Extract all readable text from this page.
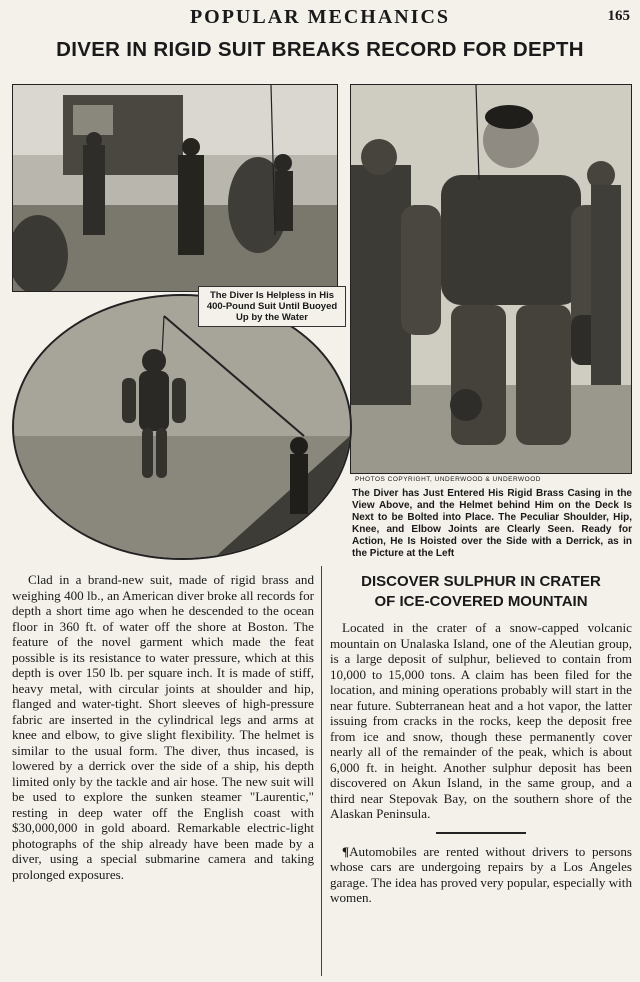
POPULAR MECHANICS	165
DIVER IN RIGID SUIT BREAKS RECORD FOR DEPTH
The Diver Is Helpless in His 400-Pound Suit Until Buoyed Up by the Water
PHOTOS COPYRIGHT, UNDERWOOD & UNDERWOOD
The Diver has Just Entered His Rigid Brass Casing in the View Above, and the Helmet behind Him on the Deck Is Next to be Bolted into Place. The Peculiar Shoulder, Hip, Knee, and Elbow Joints are Clearly Seen. Ready for Action, He Is Hoisted over the Side with a Derrick, as in the Picture at the Left

Clad in a brand-new suit, made of rigid brass and weighing 400 lb., an American diver broke all records for depth a short time ago when he descended to the ocean floor in 360 ft. of water off the shore at Boston. The feature of the novel garment which made the feat possible is its resistance to water pressure, which at this depth is over 150 lb. per square inch. It is made of stiff, heavy metal, with circular joints at shoulder and hip, flanged and water-tight. Short sleeves of high-pressure fabric are inserted in the cylindrical legs and arms at knee and elbow, to give slight flexibility. The helmet is similar to the usual form. The diver, thus incased, is lowered by a derrick over the side of a ship, his depth limited only by the tackle and air hose. The new suit will be used to explore the sunken steamer "Laurentic," resting in deep water off the English coast with $30,000,000 in gold aboard. Remarkable electric-light photographs of the ship already have been made by a diver, using a special submarine camera and taking prolonged exposures.

DISCOVER SULPHUR IN CRATER
OF ICE-COVERED MOUNTAIN

Located in the crater of a snow-capped volcanic mountain on Unalaska Island, one of the Aleutian group, is a large deposit of sulphur, believed to contain from 10,000 to 15,000 tons. A claim has been filed for the location, and mining operations probably will start in the near future. Subterranean heat and a hot vapor, the latter issuing from cracks in the rocks, keep the deposit free from ice and snow, though these permanently cover nearly all of the remainder of the peak, which is about 6,000 ft. in height. Another sulphur deposit has been discovered on Akun Island, in the same group, and a third near Stepovak Bay, on the southern shore of the Alaskan Peninsula.

¶Automobiles are rented without drivers to persons whose cars are undergoing repairs by a Los Angeles garage. The idea has proved very popular, especially with women.
